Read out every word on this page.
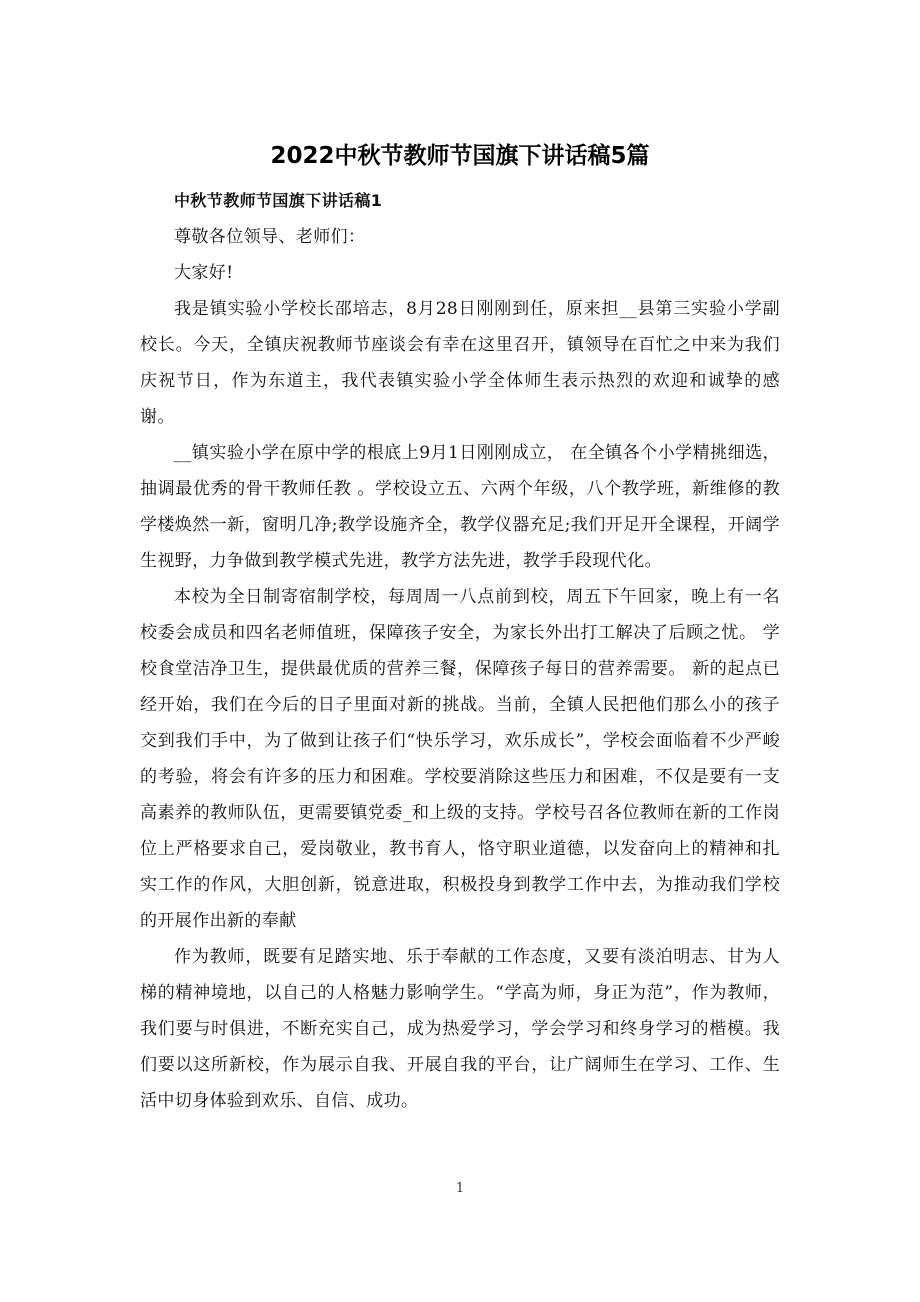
2022中秋节教师节国旗下讲话稿5篇

中秋节教师节国旗下讲话稿1

尊敬各位领导、老师们：

大家好!

我是镇实验小学校长邵培志，8月28日刚刚到任，原来担__县第三实验小学副校长。今天，全镇庆祝教师节座谈会有幸在这里召开，镇领导在百忙之中来为我们庆祝节日，作为东道主，我代表镇实验小学全体师生表示热烈的欢迎和诚挚的感谢。

__镇实验小学在原中学的根底上9月1日刚刚成立， 在全镇各个小学精挑细选，抽调最优秀的骨干教师任教 。学校设立五、六两个年级，八个教学班，新维修的教学楼焕然一新，窗明几净;教学设施齐全，教学仪器充足;我们开足开全课程，开阔学生视野，力争做到教学模式先进，教学方法先进，教学手段现代化。

本校为全日制寄宿制学校，每周周一八点前到校，周五下午回家，晚上有一名校委会成员和四名老师值班，保障孩子安全，为家长外出打工解决了后顾之忧。 学校食堂洁净卫生，提供最优质的营养三餐，保障孩子每日的营养需要。 新的起点已经开始，我们在今后的日子里面对新的挑战。当前，全镇人民把他们那么小的孩子交到我们手中，为了做到让孩子们“快乐学习，欢乐成长”，学校会面临着不少严峻的考验，将会有许多的压力和困难。学校要消除这些压力和困难，不仅是要有一支高素养的教师队伍，更需要镇党委_和上级的支持。学校号召各位教师在新的工作岗位上严格要求自己，爱岗敬业，教书育人，恪守职业道德，以发奋向上的精神和扎实工作的作风，大胆创新，锐意进取，积极投身到教学工作中去，为推动我们学校的开展作出新的奉献

作为教师，既要有足踏实地、乐于奉献的工作态度，又要有淡泊明志、甘为人梯的精神境地，以自己的人格魅力影响学生。“学高为师，身正为范”，作为教师，我们要与时俱进，不断充实自己，成为热爱学习，学会学习和终身学习的楷模。我们要以这所新校，作为展示自我、开展自我的平台，让广阔师生在学习、工作、生活中切身体验到欢乐、自信、成功。

1
